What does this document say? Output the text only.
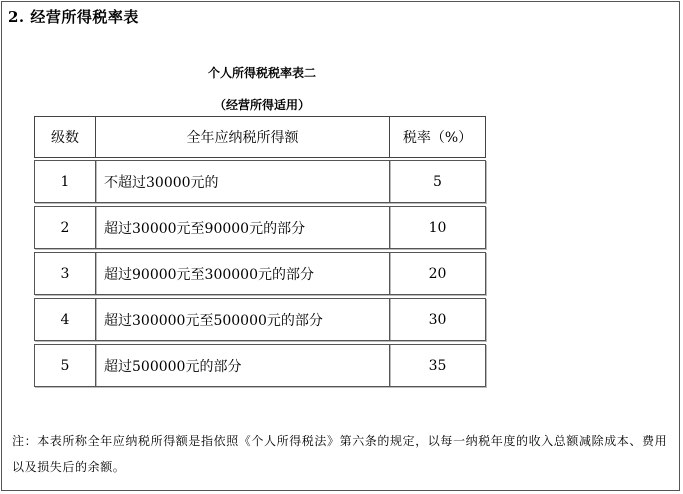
2. 经营所得税率表
个人所得税税率表二
（经营所得适用）
级数	全年应纳税所得额	税率（%）
1	不超过30000元的	5
2	超过30000元至90000元的部分	10
3	超过90000元至300000元的部分	20
4	超过300000元至500000元的部分	30
5	超过500000元的部分	35
注：本表所称全年应纳税所得额是指依照《个人所得税法》第六条的规定，以每一纳税年度的收入总额减除成本、费用以及损失后的余额。
